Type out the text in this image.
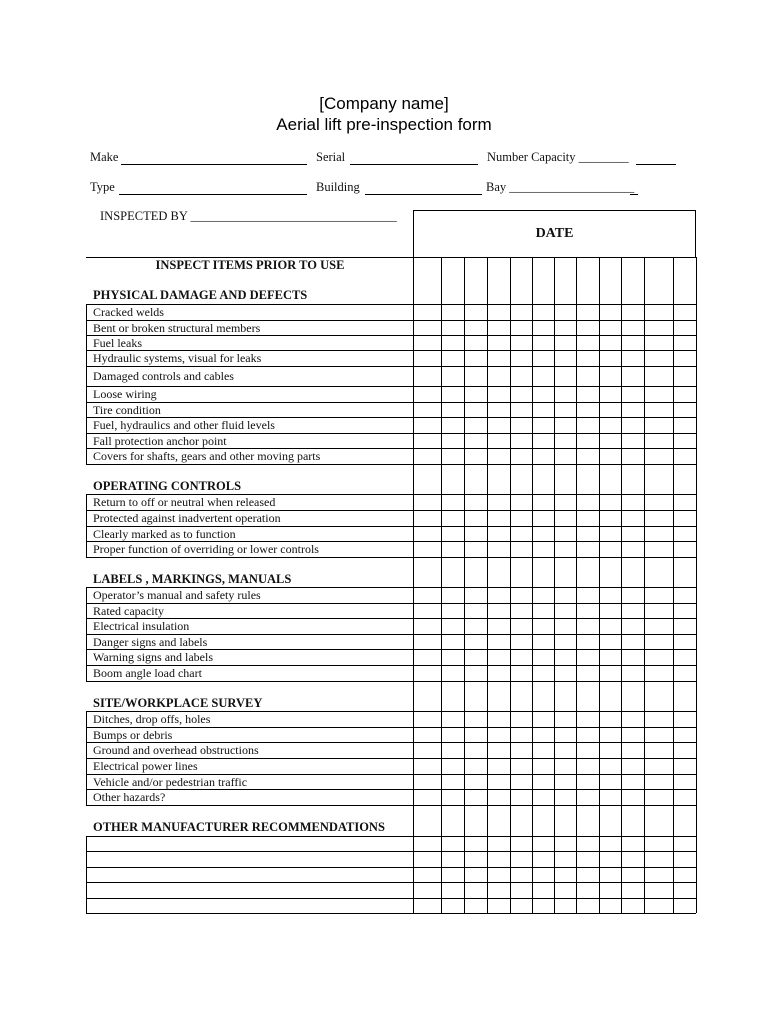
[Company name]
Aerial lift pre-inspection form
Make	Serial	Number Capacity ________
Type	Building	Bay ____________________
INSPECTED BY _________________________________
DATE
INSPECT ITEMS PRIOR TO USE
PHYSICAL DAMAGE AND DEFECTS
Cracked welds
Bent or broken structural members
Fuel leaks
Hydraulic systems, visual for leaks
Damaged controls and cables
Loose wiring
Tire condition
Fuel, hydraulics and other fluid levels
Fall protection anchor point
Covers for shafts, gears and other moving parts
OPERATING CONTROLS
Return to off or neutral when released
Protected against inadvertent operation
Clearly marked as to function
Proper function of overriding or lower controls
LABELS , MARKINGS, MANUALS
Operator’s manual and safety rules
Rated capacity
Electrical insulation
Danger signs and labels
Warning signs and labels
Boom angle load chart
SITE/WORKPLACE SURVEY
Ditches, drop offs, holes
Bumps or debris
Ground and overhead obstructions
Electrical power lines
Vehicle and/or pedestrian traffic
Other hazards?
OTHER MANUFACTURER RECOMMENDATIONS
